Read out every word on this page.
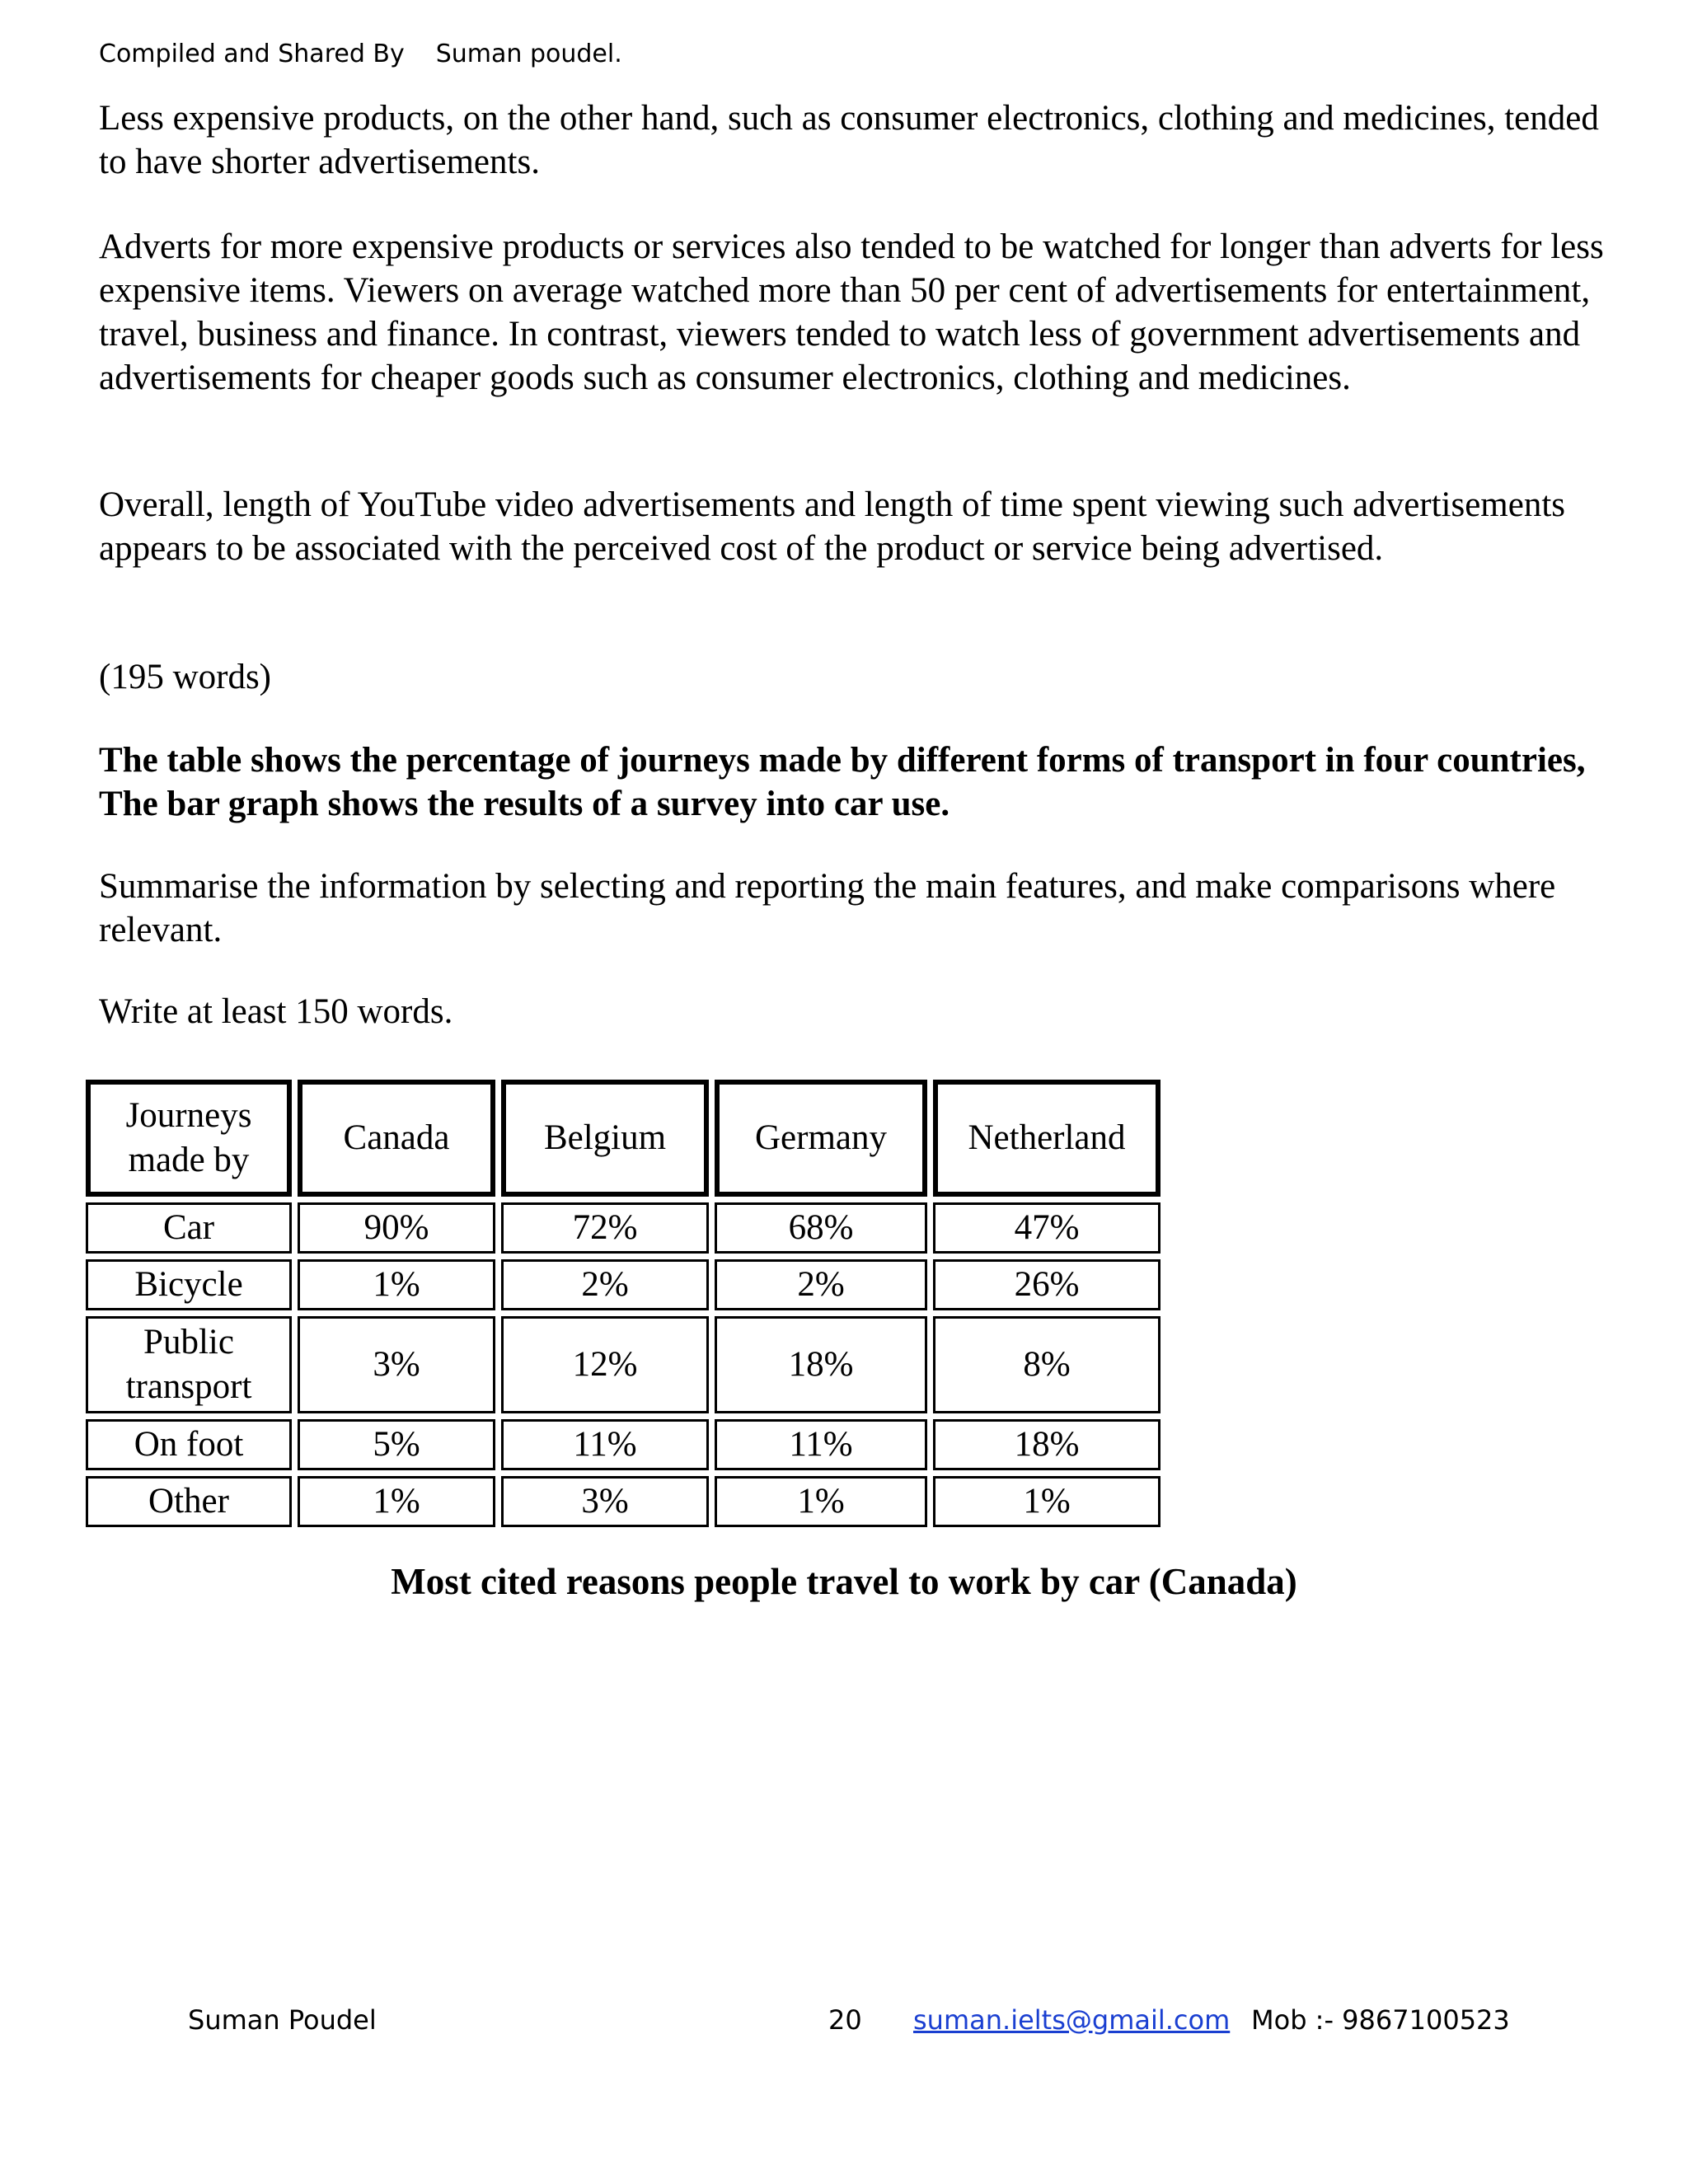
Compiled and Shared By Suman poudel.

Less expensive products, on the other hand, such as consumer electronics, clothing and medicines, tended to have shorter advertisements.

Adverts for more expensive products or services also tended to be watched for longer than adverts for less expensive items. Viewers on average watched more than 50 per cent of advertisements for entertainment, travel, business and finance. In contrast, viewers tended to watch less of government advertisements and advertisements for cheaper goods such as consumer electronics, clothing and medicines.

Overall, length of YouTube video advertisements and length of time spent viewing such advertisements appears to be associated with the perceived cost of the product or service being advertised.

(195 words)

The table shows the percentage of journeys made by different forms of transport in four countries, The bar graph shows the results of a survey into car use.

Summarise the information by selecting and reporting the main features, and make comparisons where relevant.

Write at least 150 words.

Journeys made by	Canada	Belgium	Germany	Netherland
Car	90%	72%	68%	47%
Bicycle	1%	2%	2%	26%
Public transport	3%	12%	18%	8%
On foot	5%	11%	11%	18%
Other	1%	3%	1%	1%
Most cited reasons people travel to work by car (Canada)
Suman Poudel	20 suman.ielts@gmail.com Mob :- 9867100523
